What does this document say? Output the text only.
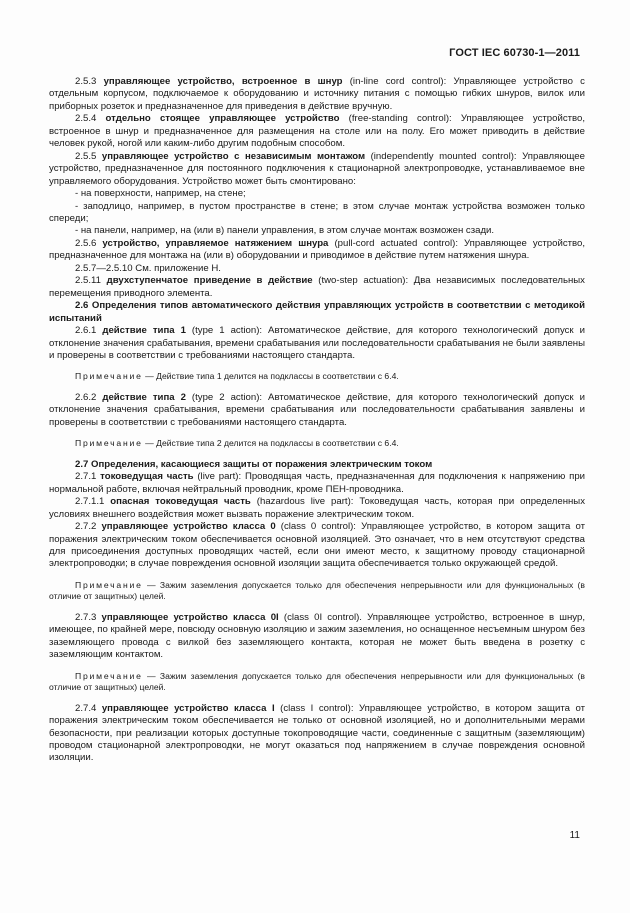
ГОСТ IEC 60730-1—2011

2.5.3 управляющее устройство, встроенное в шнур (in-line cord control): Управляющее устройство с отдельным корпусом, подключаемое к оборудованию и источнику питания с помощью гибких шнуров, вилок или приборных розеток и предназначенное для приведения в действие вручную.

2.5.4 отдельно стоящее управляющее устройство (free-standing control): Управляющее устройство, встроенное в шнур и предназначенное для размещения на столе или на полу. Его может приводить в действие человек рукой, ногой или каким-либо другим подобным способом.

2.5.5 управляющее устройство с независимым монтажом (independently mounted control): Управляющее устройство, предназначенное для постоянного подключения к стационарной электропроводке, устанавливаемое вне управляемого оборудования. Устройство может быть смонтировано:

- на поверхности, например, на стене;

- заподлицо, например, в пустом пространстве в стене; в этом случае монтаж устройства возможен только спереди;

- на панели, например, на (или в) панели управления, в этом случае монтаж возможен сзади.

2.5.6 устройство, управляемое натяжением шнура (pull-cord actuated control): Управляющее устройство, предназначенное для монтажа на (или в) оборудовании и приводимое в действие путем натяжения шнура.

2.5.7—2.5.10 См. приложение Н.

2.5.11 двухступенчатое приведение в действие (two-step actuation): Два независимых последовательных перемещения приводного элемента.

2.6 Определения типов автоматического действия управляющих устройств в соответствии с методикой испытаний

2.6.1 действие типа 1 (type 1 action): Автоматическое действие, для которого технологический допуск и отклонение значения срабатывания, времени срабатывания или последовательности срабатывания не были заявлены и проверены в соответствии с требованиями настоящего стандарта.

Примечание — Действие типа 1 делится на подклассы в соответствии с 6.4.

2.6.2 действие типа 2 (type 2 action): Автоматическое действие, для которого технологический допуск и отклонение значения срабатывания, времени срабатывания или последовательности срабатывания заявлены и проверены в соответствии с требованиями настоящего стандарта.

Примечание — Действие типа 2 делится на подклассы в соответствии с 6.4.

2.7 Определения, касающиеся защиты от поражения электрическим током

2.7.1 токоведущая часть (live part): Проводящая часть, предназначенная для подключения к напряжению при нормальной работе, включая нейтральный проводник, кроме ПЕН-проводника.

2.7.1.1 опасная токоведущая часть (hazardous live part): Токоведущая часть, которая при определенных условиях внешнего воздействия может вызвать поражение электрическим током.

2.7.2 управляющее устройство класса 0 (class 0 control): Управляющее устройство, в котором защита от поражения электрическим током обеспечивается основной изоляцией. Это означает, что в нем отсутствуют средства для присоединения доступных проводящих частей, если они имеют место, к защитному проводу стационарной электропроводки; в случае повреждения основной изоляции защита обеспечивается только окружающей средой.

Примечание — Зажим заземления допускается только для обеспечения непрерывности или для функциональных (в отличие от защитных) целей.

2.7.3 управляющее устройство класса 0I (class 0I control). Управляющее устройство, встроенное в шнур, имеющее, по крайней мере, повсюду основную изоляцию и зажим заземления, но оснащенное несъемным шнуром без заземляющего провода с вилкой без заземляющего контакта, которая не может быть введена в розетку с заземляющим контактом.

Примечание — Зажим заземления допускается только для обеспечения непрерывности или для функциональных (в отличие от защитных) целей.

2.7.4 управляющее устройство класса I (class I control): Управляющее устройство, в котором защита от поражения электрическим током обеспечивается не только от основной изоляцией, но и дополнительными мерами безопасности, при реализации которых доступные токопроводящие части, соединенные с защитным (заземляющим) проводом стационарной электропроводки, не могут оказаться под напряжением в случае повреждения основной изоляции.

11
